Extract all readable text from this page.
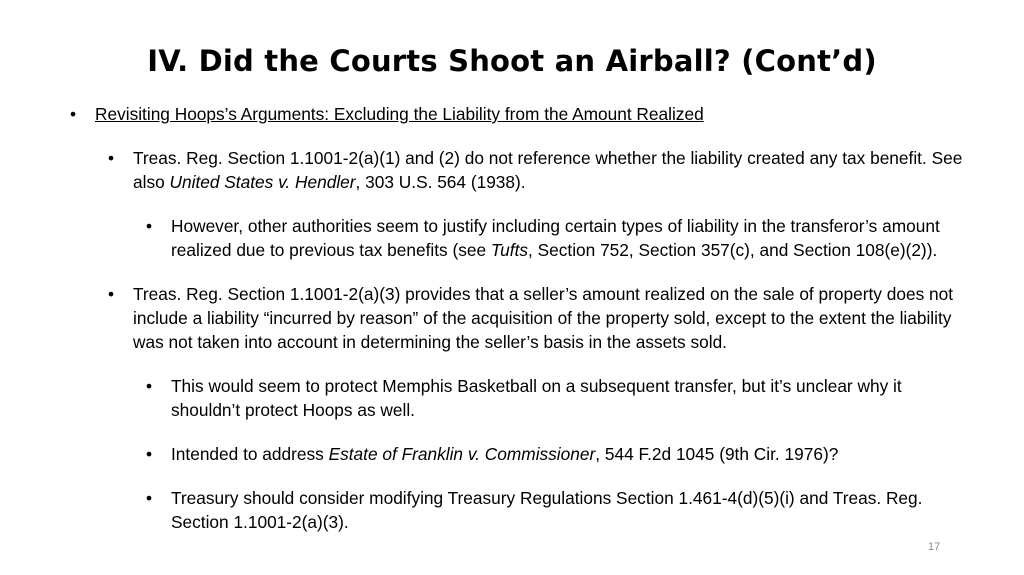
IV. Did the Courts Shoot an Airball? (Cont’d)

• Revisiting Hoops’s Arguments: Excluding the Liability from the Amount Realized

• Treas. Reg. Section 1.1001-2(a)(1) and (2) do not reference whether the liability created any tax benefit. See also United States v. Hendler, 303 U.S. 564 (1938).

• However, other authorities seem to justify including certain types of liability in the transferor’s amount realized due to previous tax benefits (see Tufts, Section 752, Section 357(c), and Section 108(e)(2)).

• Treas. Reg. Section 1.1001-2(a)(3) provides that a seller’s amount realized on the sale of property does not include a liability “incurred by reason” of the acquisition of the property sold, except to the extent the liability was not taken into account in determining the seller’s basis in the assets sold.

• This would seem to protect Memphis Basketball on a subsequent transfer, but it’s unclear why it shouldn’t protect Hoops as well.

• Intended to address Estate of Franklin v. Commissioner, 544 F.2d 1045 (9th Cir. 1976)?

• Treasury should consider modifying Treasury Regulations Section 1.461-4(d)(5)(i) and Treas. Reg. Section 1.1001-2(a)(3).

17
